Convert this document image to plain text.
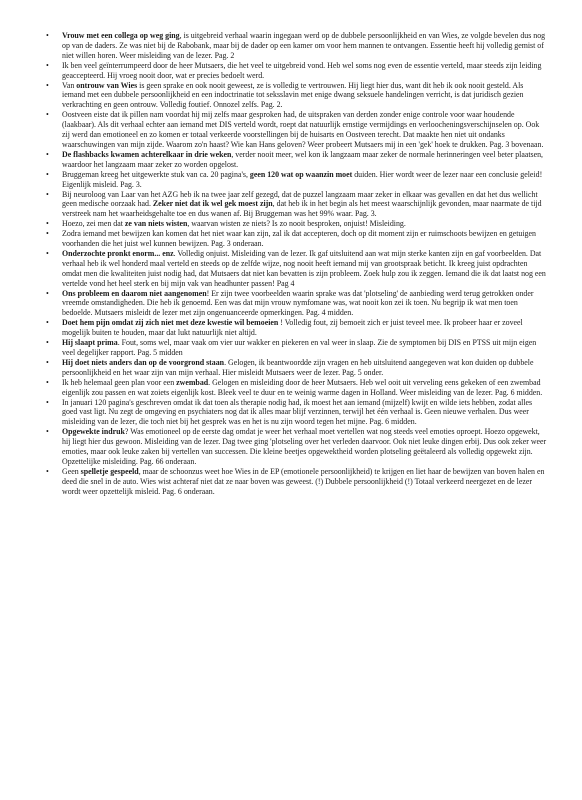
• Vrouw met een collega op weg ging, is uitgebreid verhaal waarin ingegaan werd op de dubbele persoonlijkheid en van Wies, ze volgde bevelen dus nog op van de daders. Ze was niet bij de Rabobank, maar bij de dader op een kamer om voor hem mannen te ontvangen. Essentie heeft hij volledig gemist of niet willen horen. Weer misleiding van de lezer. Pag. 2
• Ik ben veel geïnterrumpeerd door de heer Mutsaers, die het veel te uitgebreid vond. Heb wel soms nog even de essentie verteld, maar steeds zijn leiding geaccepteerd. Hij vroeg nooit door, wat er precies bedoelt werd.
• Van ontrouw van Wies is geen sprake en ook nooit geweest, ze is volledig te vertrouwen. Hij liegt hier dus, want dit heb ik ook nooit gesteld. Als iemand met een dubbele persoonlijkheid en een indoctrinatie tot seksslavin met enige dwang seksuele handelingen verricht, is dat juridisch gezien verkrachting en geen ontrouw. Volledig foutief. Onnozel zelfs. Pag. 2.
• Oostveen eiste dat ik pillen nam voordat hij mij zelfs maar gesproken had, de uitspraken van derden zonder enige controle voor waar houdende (laakbaar). Als dit verhaal echter aan iemand met DIS verteld wordt, roept dat natuurlijk ernstige vermijdings en verloocheningsverschijnselen op. Ook zij werd dan emotioneel en zo komen er totaal verkeerde voorstellingen bij de huisarts en Oostveen terecht. Dat maakte hen niet uit ondanks waarschuwingen van mijn zijde. Waarom zo'n haast? Wie kan Hans geloven? Weer probeert Mutsaers mij in een 'gek' hoek te drukken. Pag. 3 bovenaan.
• De flashbacks kwamen achterelkaar in drie weken, verder nooit meer, wel kon ik langzaam maar zeker de normale herinneringen veel beter plaatsen, waardoor het langzaam maar zeker zo worden opgelost.
• Bruggeman kreeg het uitgewerkte stuk van ca. 20 pagina's, geen 120 wat op waanzin moet duiden. Hier wordt weer de lezer naar een conclusie geleid! Eigenlijk misleid. Pag. 3.
• Bij neuroloog van Laar van het AZG heb ik na twee jaar zelf gezegd, dat de puzzel langzaam maar zeker in elkaar was gevallen en dat het dus wellicht geen medische oorzaak had. Zeker niet dat ik wel gek moest zijn, dat heb ik in het begin als het meest waarschijnlijk gevonden, maar naarmate de tijd verstreek nam het waarheidsgehalte toe en dus wanen af. Bij Bruggeman was het 99% waar. Pag. 3.
• Hoezo, zei men dat ze van niets wisten, waarvan wisten ze niets? Is zo nooit besproken, onjuist! Misleiding.
• Zodra iemand met bewijzen kan komen dat het niet waar kan zijn, zal ik dat accepteren, doch op dit moment zijn er ruimschoots bewijzen en getuigen voorhanden die het juist wel kunnen bewijzen. Pag. 3 onderaan.
• Onderzochte pronkt enorm... enz. Volledig onjuist. Misleiding van de lezer. Ik gaf uitsluitend aan wat mijn sterke kanten zijn en gaf voorbeelden. Dat verhaal heb ik wel honderd maal verteld en steeds op de zelfde wijze, nog nooit heeft iemand mij van grootspraak beticht. Ik kreeg juist opdrachten omdat men die kwaliteiten juist nodig had, dat Mutsaers dat niet kan bevatten is zijn probleem. Zoek hulp zou ik zeggen. Iemand die ik dat laatst nog een vertelde vond het heel sterk en bij mijn vak van headhunter passen! Pag 4
• Ons probleem en daarom niet aangenomen! Er zijn twee voorbeelden waarin sprake was dat 'plotseling' de aanbieding werd terug getrokken onder vreemde omstandigheden. Die heb ik genoemd. Een was dat mijn vrouw nymfomane was, wat nooit kon zei ik toen. Nu begrijp ik wat men toen bedoelde. Mutsaers misleidt de lezer met zijn ongenuanceerde opmerkingen. Pag. 4 midden.
• Doet hem pijn omdat zij zich niet met deze kwestie wil bemoeien ! Volledig fout, zij bemoeit zich er juist teveel mee. Ik probeer haar er zoveel mogelijk buiten te houden, maar dat lukt natuurlijk niet altijd.
• Hij slaapt prima. Fout, soms wel, maar vaak om vier uur wakker en piekeren en val weer in slaap. Zie de symptomen bij DIS en PTSS uit mijn eigen veel degelijker rapport. Pag. 5 midden
• Hij doet niets anders dan op de voorgrond staan. Gelogen, ik beantwoordde zijn vragen en heb uitsluitend aangegeven wat kon duiden op dubbele persoonlijkheid en het waar zijn van mijn verhaal. Hier misleidt Mutsaers weer de lezer. Pag. 5 onder.
• Ik heb helemaal geen plan voor een zwembad. Gelogen en misleiding door de heer Mutsaers. Heb wel ooit uit verveling eens gekeken of een zwembad eigenlijk zou passen en wat zoiets eigenlijk kost. Bleek veel te duur en te weinig warme dagen in Holland. Weer misleiding van de lezer. Pag. 6 midden.
• In januari 120 pagina's geschreven omdat ik dat toen als therapie nodig had, ik moest het aan iemand (mijzelf) kwijt en wilde iets hebben, zodat alles goed vast ligt. Nu zegt de omgeving en psychiaters nog dat ik alles maar blijf verzinnen, terwijl het één verhaal is. Geen nieuwe verhalen. Dus weer misleiding van de lezer, die toch niet bij het gesprek was en het is nu zijn woord tegen het mijne. Pag. 6 midden.
• Opgewekte indruk? Was emotioneel op de eerste dag omdat je weer het verhaal moet vertellen wat nog steeds veel emoties oproept. Hoezo opgewekt, hij liegt hier dus gewoon. Misleiding van de lezer. Dag twee ging 'plotseling over het verleden daarvoor. Ook niet leuke dingen erbij. Dus ook zeker weer emoties, maar ook leuke zaken bij vertellen van successen. Die kleine beetjes opgewektheid worden plotseling geëtaleerd als volledig opgewekt zijn. Opzettelijke misleiding. Pag. 66 onderaan.
• Geen spelletje gespeeld, maar de schoonzus weet hoe Wies in de EP (emotionele persoonlijkheid) te krijgen en liet haar de bewijzen van boven halen en deed die snel in de auto. Wies wist achteraf niet dat ze naar boven was geweest. (!) Dubbele persoonlijkheid (!) Totaal verkeerd neergezet en de lezer wordt weer opzettelijk misleid. Pag. 6 onderaan.
